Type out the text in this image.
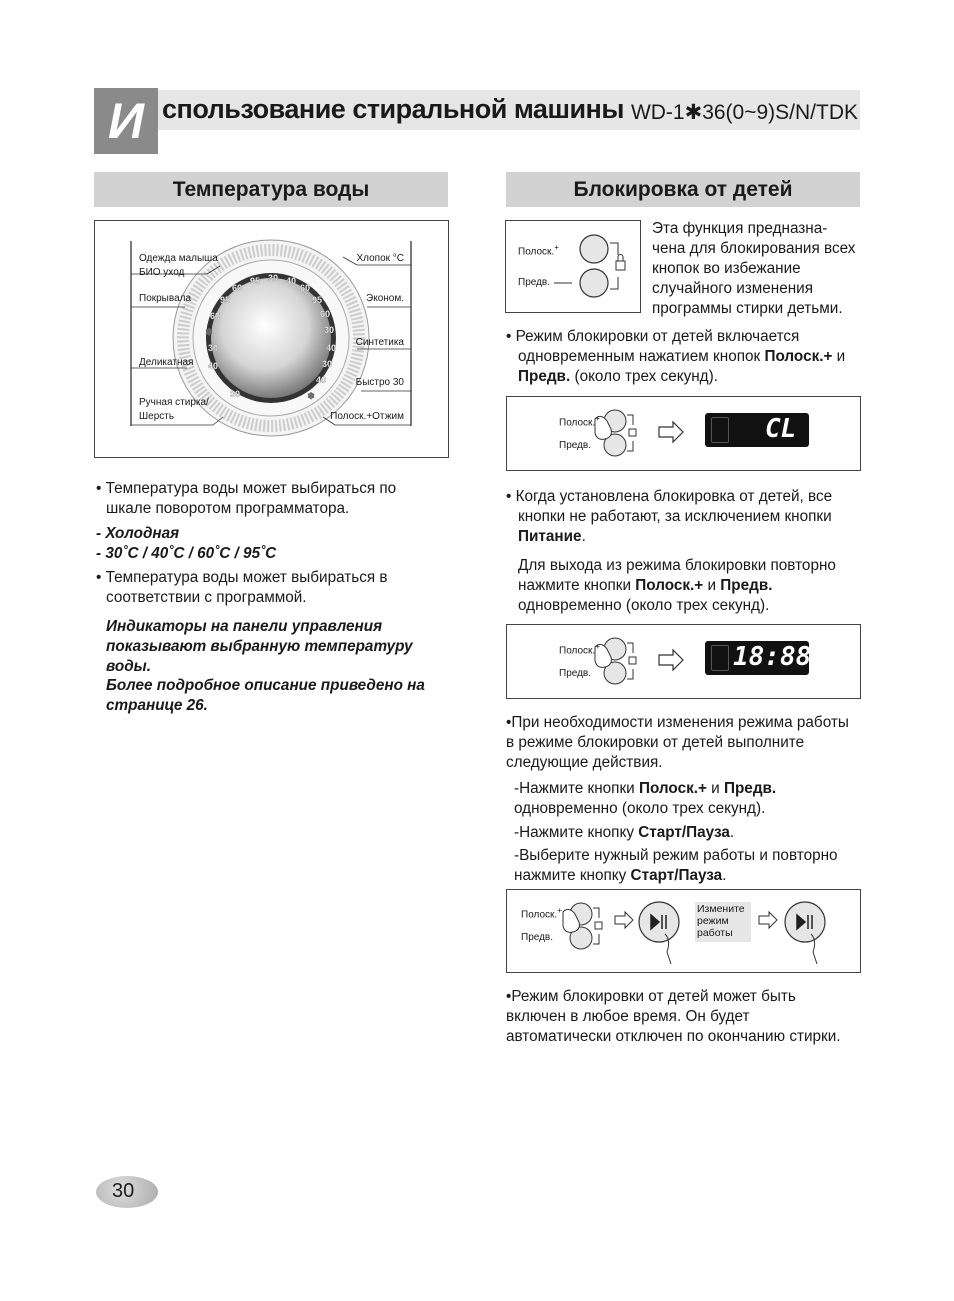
И спользование стиральной машины WD-1✱36(0~9)S/N/TDK
Температура воды
95 30 40
60
95
60
95
30
40
60
30
40
60
30
40
30
❄
❄
Одежда малыша
БИО уход
Покрывала
Деликатная
Ручная стирка/
Шерсть
Хлопок °C
Эконом.
Синтетика
Быстро 30
Полоск.+Отжим
• Температура воды может выбираться по шкале поворотом программатора.
- Холодная
- 30˚C / 40˚C / 60˚C / 95˚C
• Температура воды может выбираться в соответствии с программой.
Индикаторы на панели управления показывают выбранную температуру воды.
Более подробное описание приведено на странице 26.
Блокировка от детей
Полоск.+
Предв.
Эта функция предназна- чена для блокирования всех кнопок во избежание случайного изменения программы стирки детьми.
• Режим блокировки от детей включается одновременным нажатием кнопок Полоск.+ и Предв. (около трех секунд).
Полоск.+
Предв.
CL
• Когда установлена блокировка от детей, все кнопки не работают, за исключением кнопки Питание.
Для выхода из режима блокировки повторно нажмите кнопки Полоск.+ и Предв. одновременно (около трех секунд).
Полоск.+
Предв.
18:88
•При необходимости изменения режима работы в режиме блокировки от детей выполните следующие действия.
-Нажмите кнопки Полоск.+ и Предв. одновременно (около трех секунд).
-Нажмите кнопку Старт/Пауза.
-Выберите нужный режим работы и повторно нажмите кнопку Старт/Пауза.
Полоск.+
Предв.
Измените режим работы
•Режим блокировки от детей может быть включен в любое время. Он будет автоматически отключен по окончанию стирки.
30
